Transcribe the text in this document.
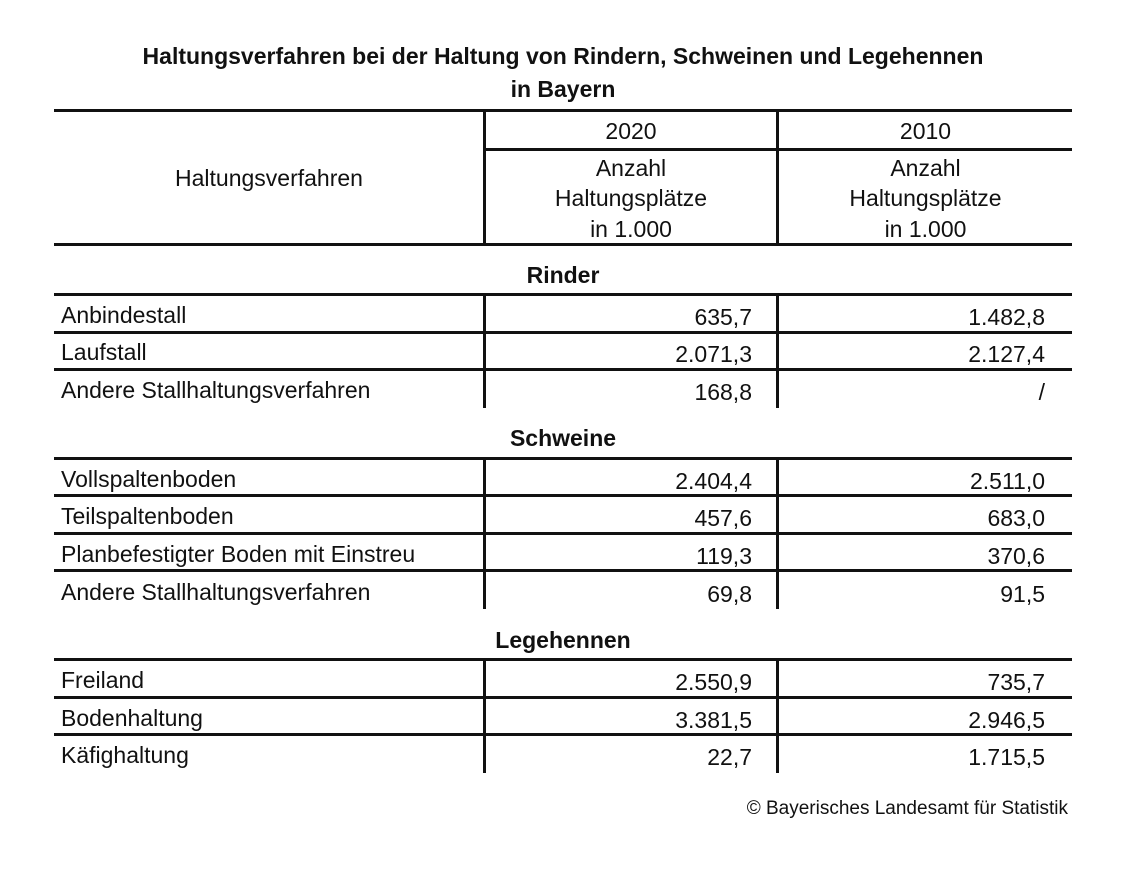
Haltungsverfahren bei der Haltung von Rindern, Schweinen und Legehennen
in Bayern
Haltungsverfahren
2020	2010
Anzahl
Haltungsplätze
in 1.000
Anzahl
Haltungsplätze
in 1.000
Rinder
Anbindestall	635,7	1.482,8
Laufstall	2.071,3	2.127,4
Andere Stallhaltungsverfahren	168,8	/
Schweine
Vollspaltenboden	2.404,4	2.511,0
Teilspaltenboden	457,6	683,0
Planbefestigter Boden mit Einstreu	119,3	370,6
Andere Stallhaltungsverfahren	69,8	91,5
Legehennen
Freiland	2.550,9	735,7
Bodenhaltung	3.381,5	2.946,5
Käfighaltung	22,7	1.715,5
© Bayerisches Landesamt für Statistik
